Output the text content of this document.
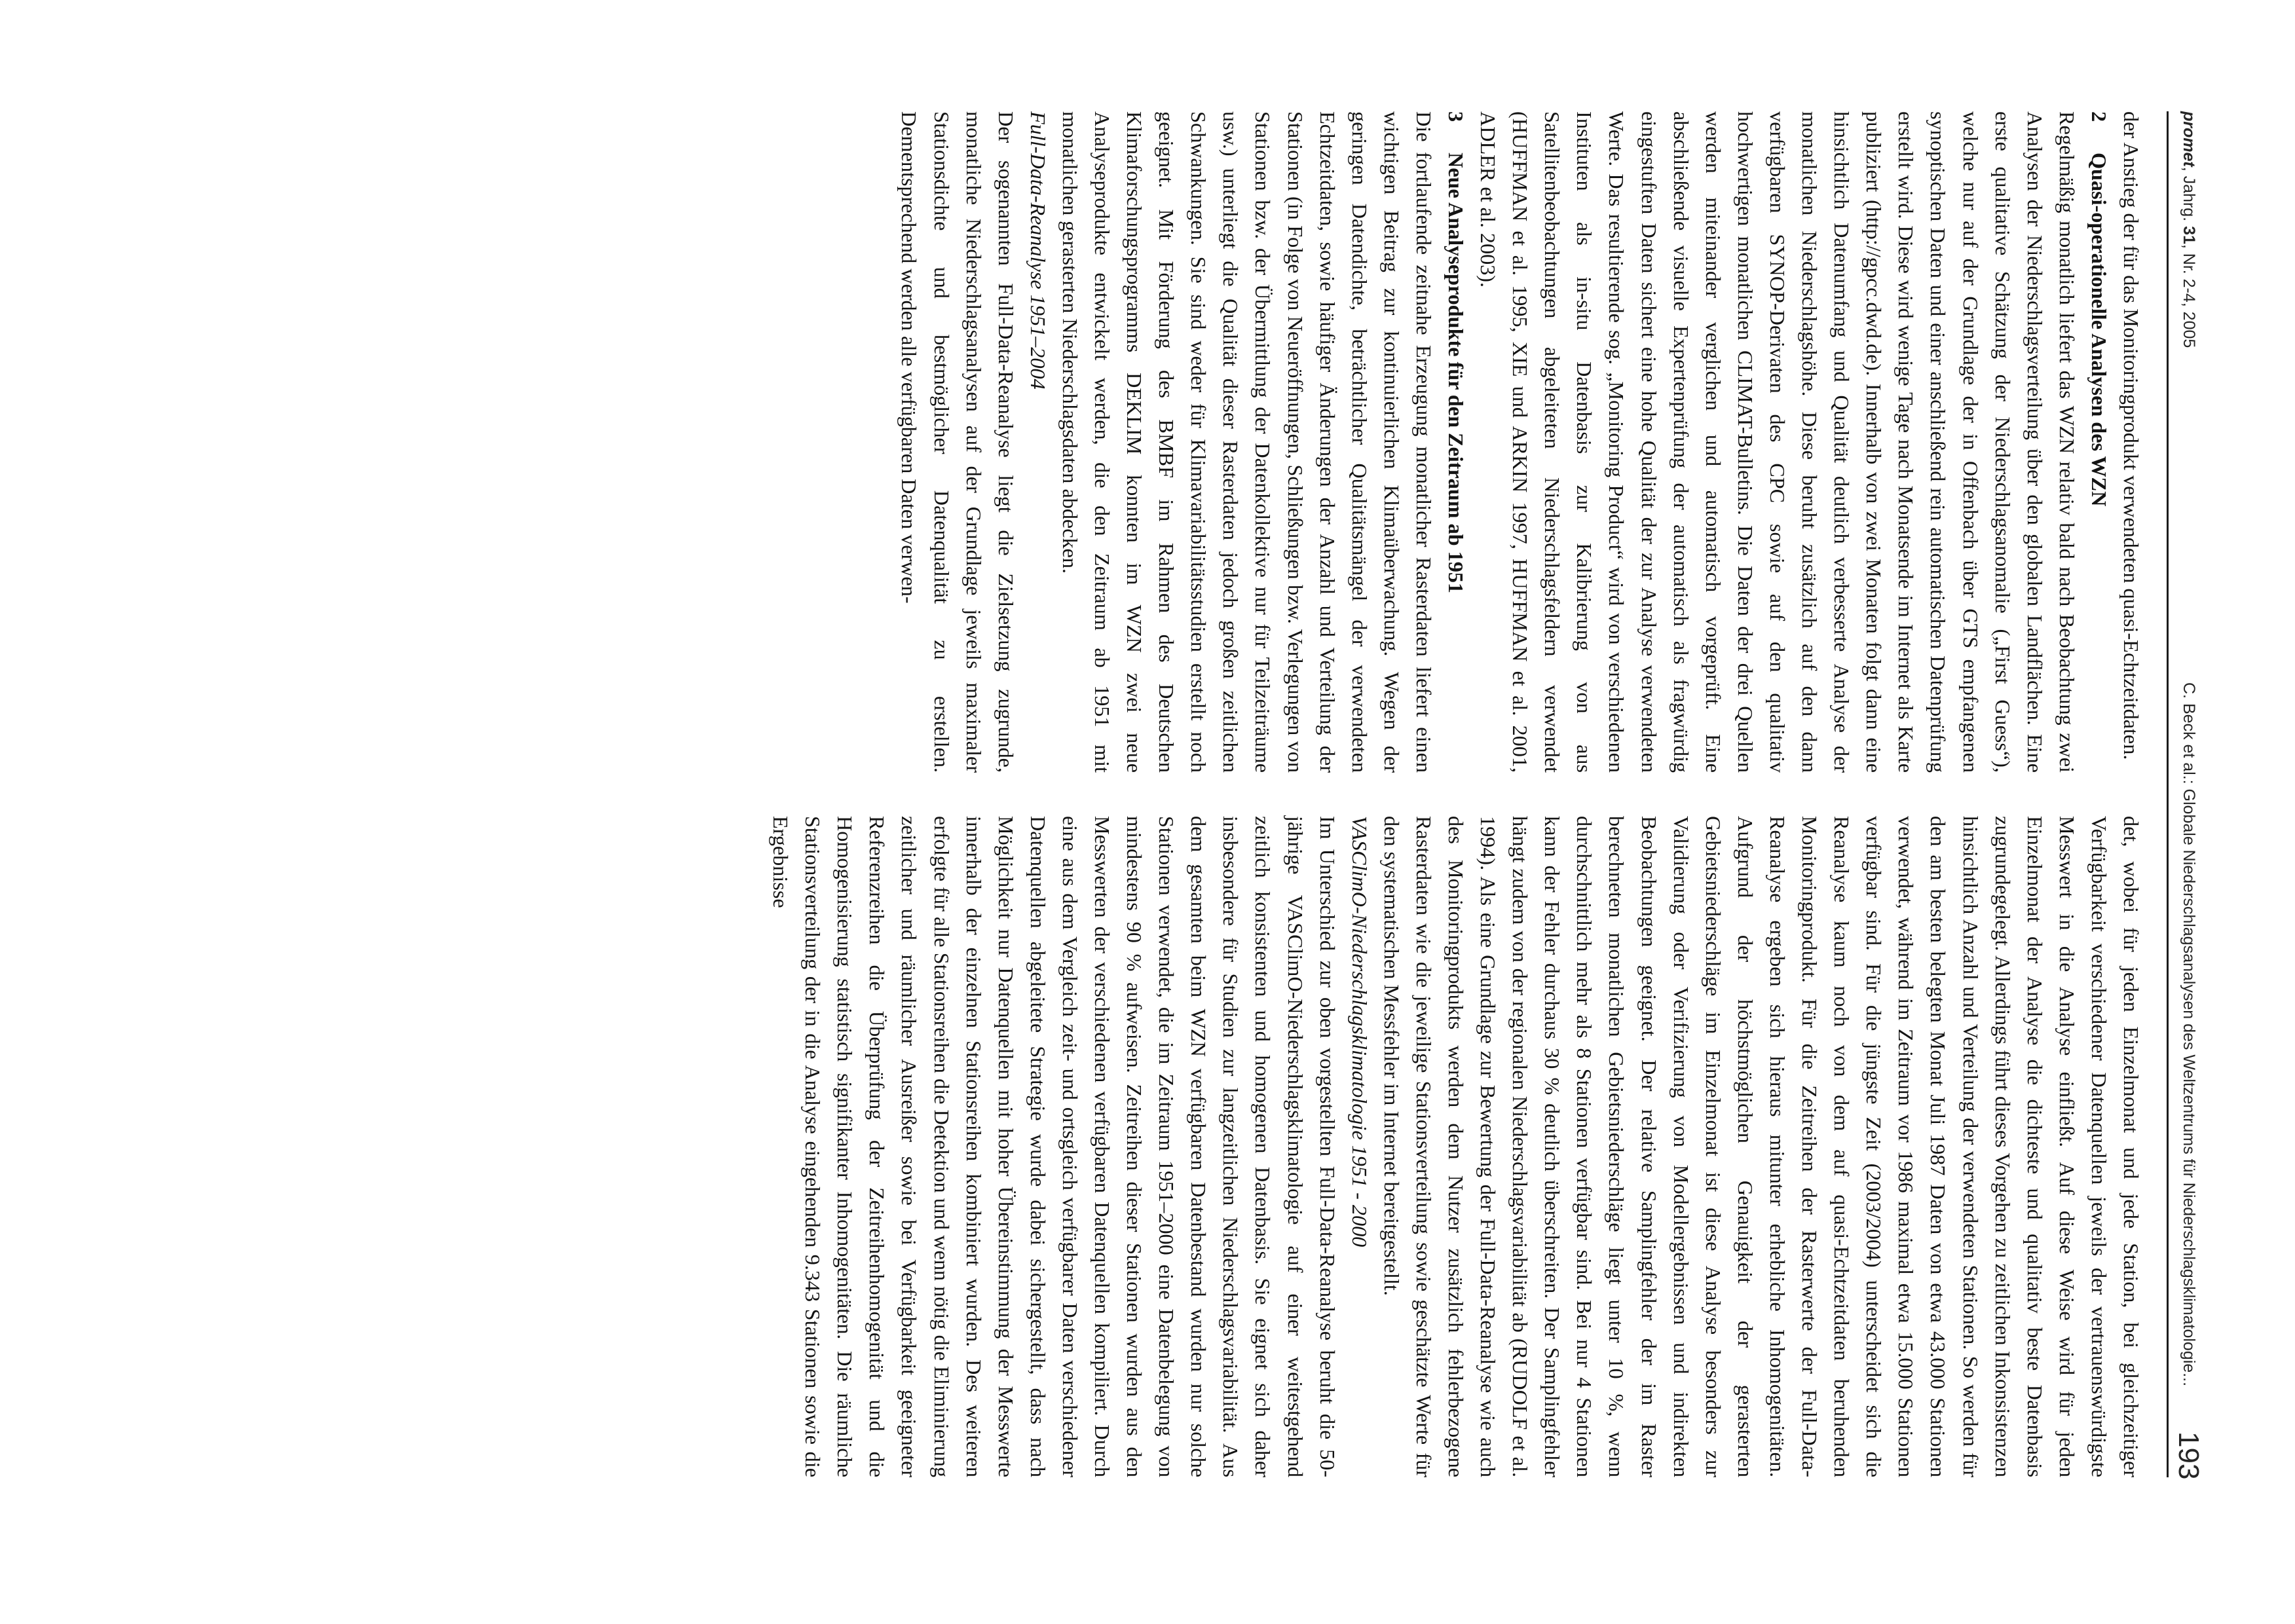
promet, Jahrg. 31, Nr. 2-4, 2005
C. Beck et al.: Globale Niederschlagsanalysen des Weltzentrums für Niederschlagsklimatologie...
193

der Anstieg der für das Monitoringprodukt verwendeten quasi-Echtzeitdaten.

2Quasi-operationelle Analysen des WZN

Regelmäßig monatlich liefert das WZN relativ bald nach Beobachtung zwei Analysen der Niederschlagsverteilung über den globalen Landflächen. Eine erste qualitative Schätzung der Niederschlagsanomalie („First Guess“), welche nur auf der Grundlage der in Offenbach über GTS empfangenen synoptischen Daten und einer anschließend rein automatischen Datenprüfung erstellt wird. Diese wird wenige Tage nach Monatsende im Internet als Karte publiziert (http://gpcc.dwd.de). Innerhalb von zwei Monaten folgt dann eine hinsichtlich Datenumfang und Qualität deutlich verbesserte Analyse der monatlichen Niederschlagshöhe. Diese beruht zusätzlich auf den dann verfügbaren SYNOP-Derivaten des CPC sowie auf den qualitativ hochwertigen monatlichen CLIMAT-Bulletins. Die Daten der drei Quellen werden miteinander verglichen und automatisch vorgeprüft. Eine abschließende visuelle Expertenprüfung der automatisch als fragwürdig eingestuften Daten sichert eine hohe Qualität der zur Analyse verwendeten Werte. Das resultierende sog. „Monitoring Product“ wird von verschiedenen Instituten als in-situ Datenbasis zur Kalibrierung von aus Satellitenbeobachtungen abgeleiteten Niederschlagsfeldern verwendet (HUFFMAN et al. 1995, XIE und ARKIN 1997, HUFFMAN et al. 2001, ADLER et al. 2003).

3Neue Analyseprodukte für den Zeitraum ab 1951

Die fortlaufende zeitnahe Erzeugung monatlicher Rasterdaten liefert einen wichtigen Beitrag zur kontinuierlichen Klimaüberwachung. Wegen der geringen Datendichte, beträchtlicher Qualitätsmängel der verwendeten Echtzeitdaten, sowie häufiger Änderungen der Anzahl und Verteilung der Stationen (in Folge von Neueröffnungen, Schließungen bzw. Verlegungen von Stationen bzw. der Übermittlung der Datenkollektive nur für Teilzeiträume usw.) unterliegt die Qualität dieser Rasterdaten jedoch großen zeitlichen Schwankungen. Sie sind weder für Klimavariabilitätsstudien erstellt noch geeignet. Mit Förderung des BMBF im Rahmen des Deutschen Klimaforschungsprogramms DEKLIM konnten im WZN zwei neue Analyseprodukte entwickelt werden, die den Zeitraum ab 1951 mit monatlichen gerasterten Niederschlagsdaten abdecken.

Full-Data-Reanalyse 1951–2004

Der sogenannten Full-Data-Reanalyse liegt die Zielsetzung zugrunde, monatliche Niederschlagsanalysen auf der Grundlage jeweils maximaler Stationsdichte und bestmöglicher Datenqualität zu erstellen. Dementsprechend werden alle verfügbaren Daten verwen-

det, wobei für jeden Einzelmonat und jede Station, bei gleichzeitiger Verfügbarkeit verschiedener Datenquellen jeweils der vertrauenswürdigste Messwert in die Analyse einfließt. Auf diese Weise wird für jeden Einzelmonat der Analyse die dichteste und qualitativ beste Datenbasis zugrundegelegt. Allerdings führt dieses Vorgehen zu zeitlichen Inkonsistenzen hinsichtlich Anzahl und Verteilung der verwendeten Stationen. So werden für den am besten belegten Monat Juli 1987 Daten von etwa 43.000 Stationen verwendet, während im Zeitraum vor 1986 maximal etwa 15.000 Stationen verfügbar sind. Für die jüngste Zeit (2003/2004) unterscheidet sich die Reanalyse kaum noch von dem auf quasi-Echtzeitdaten beruhenden Monitoringprodukt. Für die Zeitreihen der Rasterwerte der Full-Data-Reanalyse ergeben sich hieraus mitunter erhebliche Inhomogenitäten. Aufgrund der höchstmöglichen Genauigkeit der gerasterten Gebietsniederschläge im Einzelmonat ist diese Analyse besonders zur Validierung oder Verifizierung von Modellergebnissen und indirekten Beobachtungen geeignet. Der relative Samplingfehler der im Raster berechneten monatlichen Gebietsniederschläge liegt unter 10 %, wenn durchschnittlich mehr als 8 Stationen verfügbar sind. Bei nur 4 Stationen kann der Fehler durchaus 30 % deutlich überschreiten. Der Samplingfehler hängt zudem von der regionalen Niederschlagsvariabilität ab (RUDOLF et al. 1994). Als eine Grundlage zur Bewertung der Full-Data-Reanalyse wie auch des Monitoringprodukts werden dem Nutzer zusätzlich fehlerbezogene Rasterdaten wie die jeweilige Stationsverteilung sowie geschätzte Werte für den systematischen Messfehler im Internet bereitgestellt.

VASClimO-Niederschlagsklimatologie 1951 - 2000

Im Unterschied zur oben vorgestellten Full-Data-Reanalyse beruht die 50-jährige VASClimO-Niederschlagsklimatologie auf einer weitestgehend zeitlich konsistenten und homogenen Datenbasis. Sie eignet sich daher insbesondere für Studien zur langzeitlichen Niederschlagsvariabilität. Aus dem gesamten beim WZN verfügbaren Datenbestand wurden nur solche Stationen verwendet, die im Zeitraum 1951–2000 eine Datenbelegung von mindestens 90 % aufweisen. Zeitreihen dieser Stationen wurden aus den Messwerten der verschiedenen verfügbaren Datenquellen kompiliert. Durch eine aus dem Vergleich zeit- und ortsgleich verfügbarer Daten verschiedener Datenquellen abgeleitete Strategie wurde dabei sichergestellt, dass nach Möglichkeit nur Datenquellen mit hoher Übereinstimmung der Messwerte innerhalb der einzelnen Stationsreihen kombiniert wurden. Des weiteren erfolgte für alle Stationsreihen die Detektion und wenn nötig die Eliminierung zeitlicher und räumlicher Ausreißer sowie bei Verfügbarkeit geeigneter Referenzreihen die Überprüfung der Zeitreihenhomogenität und die Homogenisierung statistisch signifikanter Inhomogenitäten. Die räumliche Stationsverteilung der in die Analyse eingehenden 9.343 Stationen sowie die Ergebnisse
